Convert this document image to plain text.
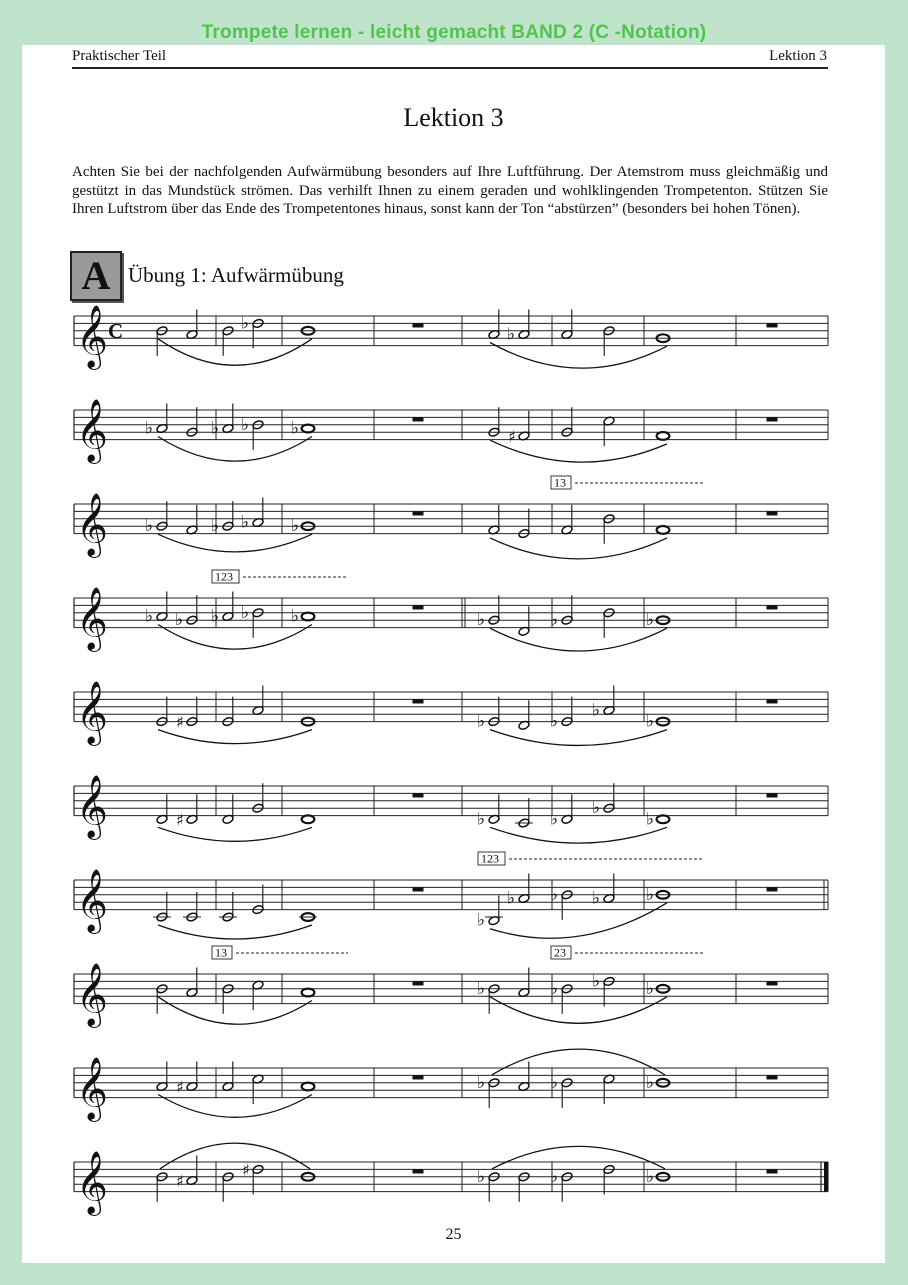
Trompete lernen - leicht gemacht BAND 2 (C -Notation)
Praktischer Teil	Lektion 3
Lektion 3

Achten Sie bei der nachfolgenden Aufwärmübung besonders auf Ihre Luftführung. Der Atemstrom muss gleichmäßig und gestützt in das Mundstück strömen. Das verhilft Ihnen zu einem geraden und wohlklingenden Trompetenton. Stützen Sie Ihren Luftstrom über das Ende des Trompetentones hinaus, sonst kann der Ton “abstürzen” (besonders bei hohen Tönen).

A Übung 1: Aufwärmübung
𝄞 C	♭
♭
𝄞 ♭	♭ ♭ ♭	♯
𝄞 ♭	♭ ♭ ♭
13
𝄞 ♭ ♭ ♭ ♭ ♭	♭	♭	♭
123
𝄞	♯	♭	♭
♭
♭
𝄞	♯	♭	♭
♭
♭
𝄞	♭
♭ ♭ ♭	♭
123
𝄞	♭	♭ ♭	♭
13	23
𝄞	♯	♭	♭	♭
𝄞	♯
♯	♭	♭	♭
25
